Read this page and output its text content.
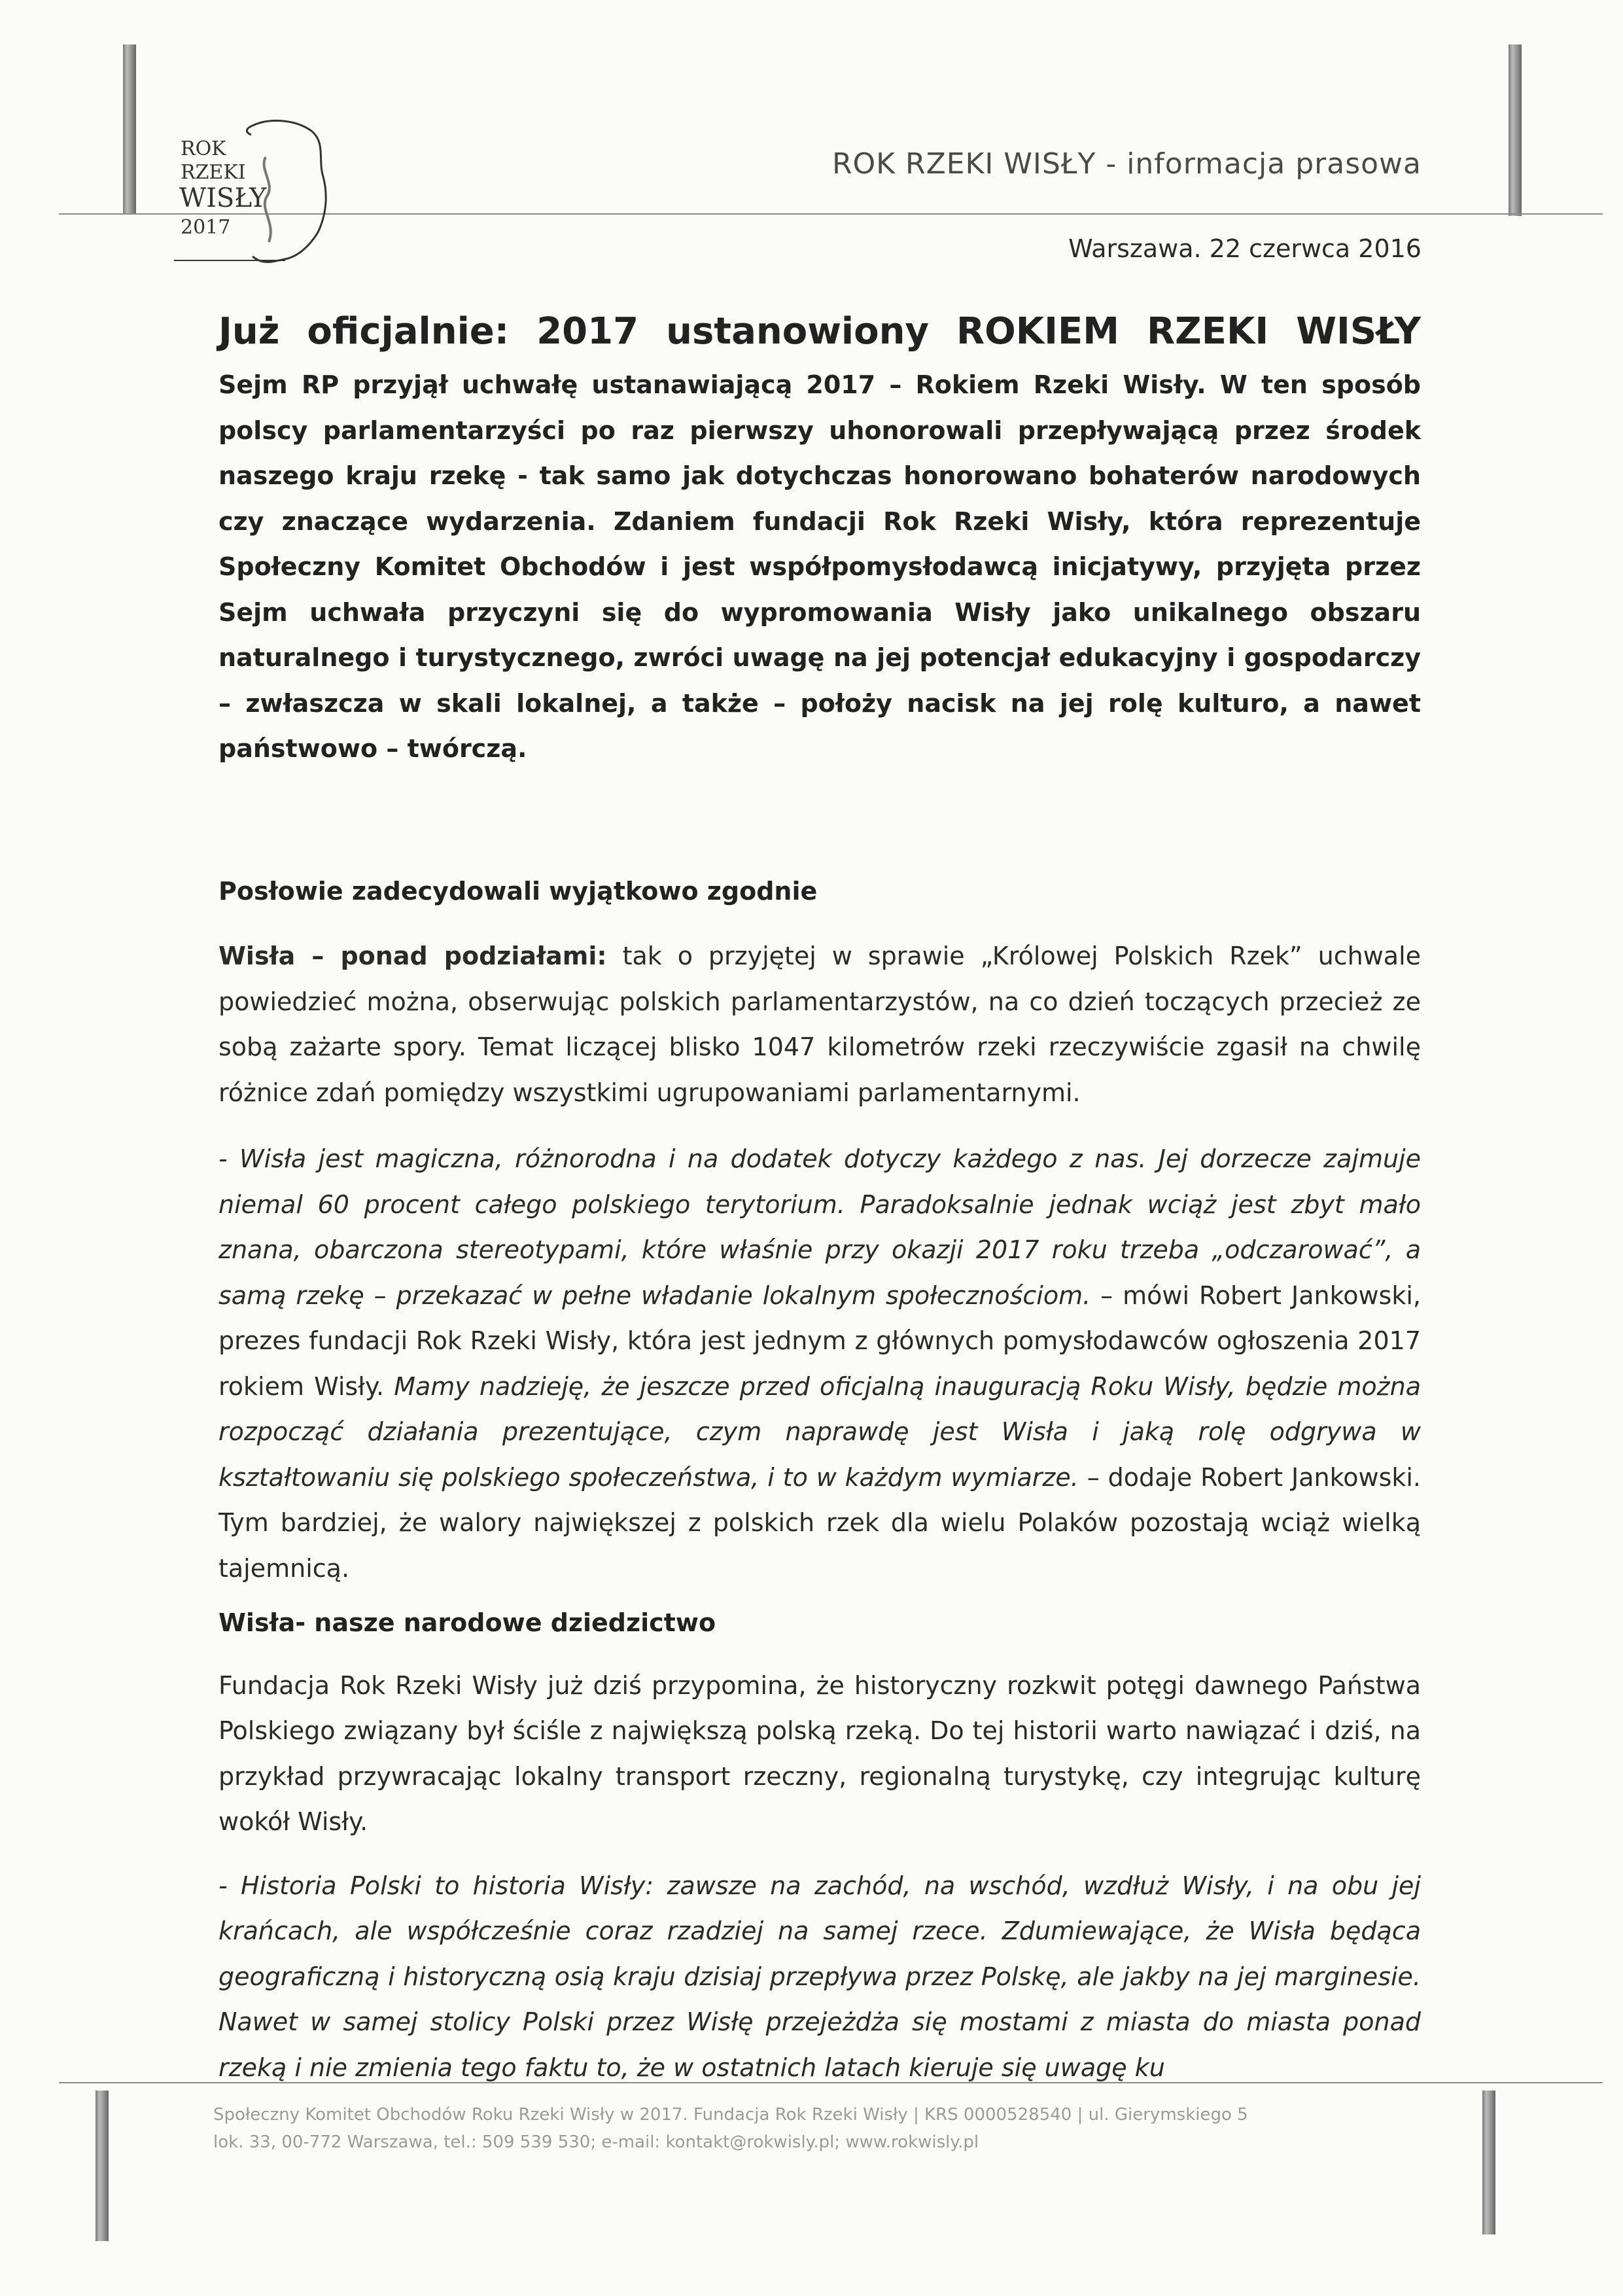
ROK
RZEKI
WISŁY
2017
ROK RZEKI WISŁY - informacja prasowa
Warszawa. 22 czerwca 2016
Już oficjalnie: 2017 ustanowiony ROKIEM RZEKI WISŁY

Sejm RP przyjął uchwałę ustanawiającą 2017 – Rokiem Rzeki Wisły. W ten sposób polscy parlamentarzyści po raz pierwszy uhonorowali przepływającą przez środek naszego kraju rzekę - tak samo jak dotychczas honorowano bohaterów narodowych czy znaczące wydarzenia. Zdaniem fundacji Rok Rzeki Wisły, która reprezentuje Społeczny Komitet Obchodów i jest współpomysłodawcą inicjatywy, przyjęta przez Sejm uchwała przyczyni się do wypromowania Wisły jako unikalnego obszaru naturalnego i turystycznego, zwróci uwagę na jej potencjał edukacyjny i gospodarczy – zwłaszcza w skali lokalnej, a także – położy nacisk na jej rolę kulturo, a nawet państwowo – twórczą.

Posłowie zadecydowali wyjątkowo zgodnie

Wisła – ponad podziałami: tak o przyjętej w sprawie „Królowej Polskich Rzek” uchwale powiedzieć można, obserwując polskich parlamentarzystów, na co dzień toczących przecież ze sobą zażarte spory. Temat liczącej blisko 1047 kilometrów rzeki rzeczywiście zgasił na chwilę różnice zdań pomiędzy wszystkimi ugrupowaniami parlamentarnymi.

- Wisła jest magiczna, różnorodna i na dodatek dotyczy każdego z nas. Jej dorzecze zajmuje niemal 60 procent całego polskiego terytorium. Paradoksalnie jednak wciąż jest zbyt mało znana, obarczona stereotypami, które właśnie przy okazji 2017 roku trzeba „odczarować”, a samą rzekę – przekazać w pełne władanie lokalnym społecznościom. – mówi Robert Jankowski, prezes fundacji Rok Rzeki Wisły, która jest jednym z głównych pomysłodawców ogłoszenia 2017 rokiem Wisły. Mamy nadzieję, że jeszcze przed oficjalną inauguracją Roku Wisły, będzie można rozpocząć działania prezentujące, czym naprawdę jest Wisła i jaką rolę odgrywa w kształtowaniu się polskiego społeczeństwa, i to w każdym wymiarze. – dodaje Robert Jankowski. Tym bardziej, że walory największej z polskich rzek dla wielu Polaków pozostają wciąż wielką tajemnicą.

Wisła- nasze narodowe dziedzictwo

Fundacja Rok Rzeki Wisły już dziś przypomina, że historyczny rozkwit potęgi dawnego Państwa Polskiego związany był ściśle z największą polską rzeką. Do tej historii warto nawiązać i dziś, na przykład przywracając lokalny transport rzeczny, regionalną turystykę, czy integrując kulturę wokół Wisły.

- Historia Polski to historia Wisły: zawsze na zachód, na wschód, wzdłuż Wisły, i na obu jej krańcach, ale współcześnie coraz rzadziej na samej rzece. Zdumiewające, że Wisła będąca geograficzną i historyczną osią kraju dzisiaj przepływa przez Polskę, ale jakby na jej marginesie. Nawet w samej stolicy Polski przez Wisłę przejeżdża się mostami z miasta do miasta ponad rzeką i nie zmienia tego faktu to, że w ostatnich latach kieruje się uwagę ku

Społeczny Komitet Obchodów Roku Rzeki Wisły w 2017. Fundacja Rok Rzeki Wisły | KRS 0000528540 | ul. Gierymskiego 5
lok. 33, 00-772 Warszawa, tel.: 509 539 530; e-mail: kontakt@rokwisly.pl; www.rokwisly.pl
